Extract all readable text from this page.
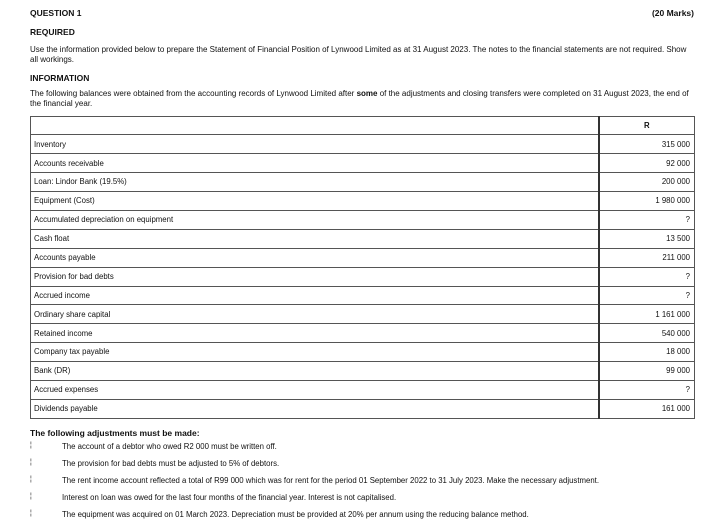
QUESTION 1	(20 Marks)
REQUIRED
Use the information provided below to prepare the Statement of Financial Position of Lynwood Limited as at 31 August 2023. The notes to the financial statements are not required. Show all workings.
INFORMATION
The following balances were obtained from the accounting records of Lynwood Limited after some of the adjustments and closing transfers were completed on 31 August 2023, the end of the financial year.
	R
Inventory	315 000
Accounts receivable	92 000
Loan: Lindor Bank (19.5%)	200 000
Equipment (Cost)	1 980 000
Accumulated depreciation on equipment	?
Cash float	13 500
Accounts payable	211 000
Provision for bad debts	?
Accrued income	?
Ordinary share capital	1 161 000
Retained income	540 000
Company tax payable	18 000
Bank (DR)	99 000
Accrued expenses	?
Dividends payable	161 000
The following adjustments must be made:
¦	The account of a debtor who owed R2 000 must be written off.
¦	The provision for bad debts must be adjusted to 5% of debtors.
¦	The rent income account reflected a total of R99 000 which was for rent for the period 01 September 2022 to 31 July 2023. Make the necessary adjustment.
¦	Interest on loan was owed for the last four months of the financial year. Interest is not capitalised.
¦	The equipment was acquired on 01 March 2023. Depreciation must be provided at 20% per annum using the reducing balance method.
